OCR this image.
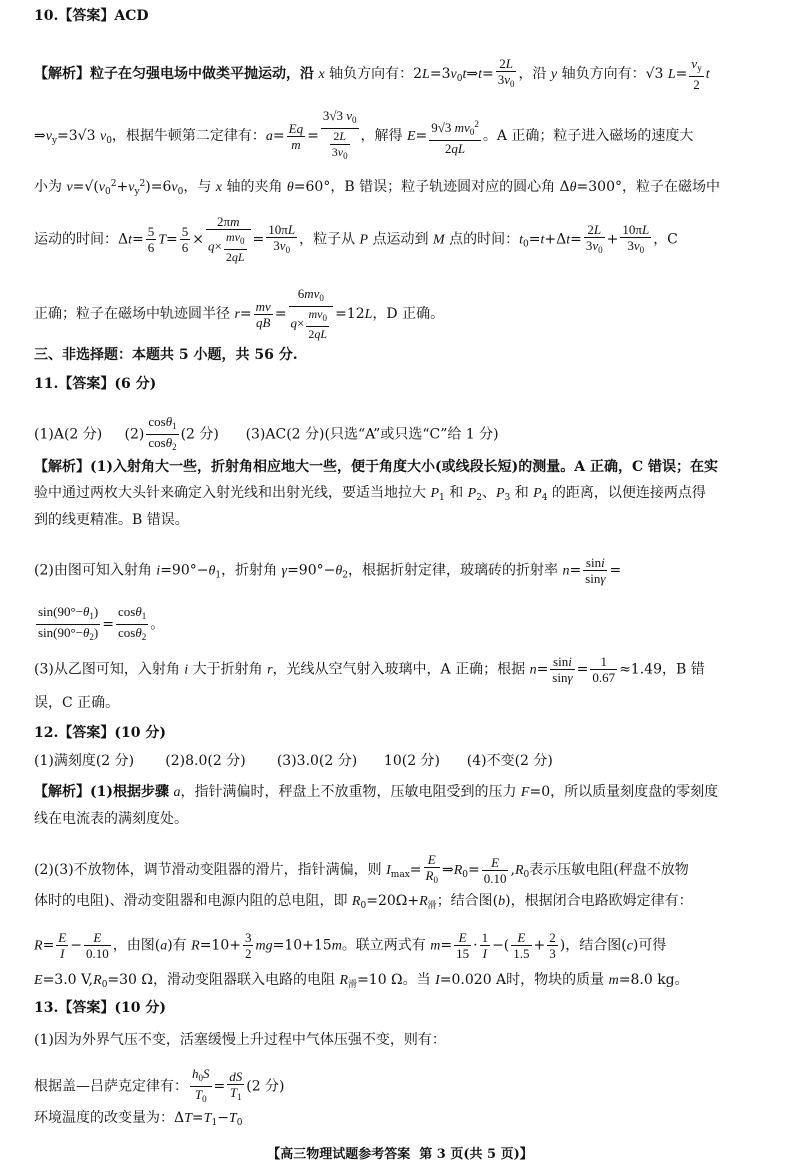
10.【答案】ACD
【解析】粒子在匀强电场中做类平抛运动，沿 x 轴负方向有：$2L=3v_0t\Rightarrow t= \frac{2L}{3v_0}$ ，沿 y 轴负方向有：√3 $L= \frac{v_y}{2}$ t
$\Rightarrow v_y=3√3$ $v_0$，根据牛顿第二定律有：$a= \frac{Eq}{m} = \frac{3√3 v_0}{\frac{2L}{3v_0}}$ ，解得 $E= \frac{9√3 mv_0^2}{2qL}$ 。A 正确；粒子进入磁场的速度大
小为 $v=√(v_0^2+v_y^2)=6v_0$，与 x 轴的夹角 θ=60°，B 错误；粒子轨迹圆对应的圆心角 Δθ=300°，粒子在磁场中
运动的时间：$\Delta t= \frac{5}{6} T= \frac{5}{6} \times \frac{2\pi m}{q\times \frac{mv_0}{2qL}} = \frac{10\pi L}{3v_0}$ ，粒子从 P 点运动到 M 点的时间：$t_0=t+\Delta t= \frac{2L}{3v_0} + \frac{10\pi L}{3v_0}$ ，C
正确；粒子在磁场中轨迹圆半径 $r= \frac{mv}{qB} = \frac{6mv_0}{q\times \frac{mv_0}{2qL}} =12L$，D 正确。
三、非选择题：本题共 5 小题，共 56 分.
11.【答案】(6 分)
(1)A(2 分) $(2) \frac{\cos\theta_1}{\cos\theta_2} (2$ 分) (3)AC(2 分)(只选“A”或只选“C”给 1 分)
【解析】(1)入射角大一些，折射角相应地大一些，便于角度大小(或线段长短)的测量。A 正确，C 错误；在实
验中通过两枚大头针来确定入射光线和出射光线，要适当地拉大 $P_1$ 和 $P_2$、$P_3$ 和 $P_4$ 的距离，以便连接两点得
到的线更精准。B 错误。
(2)由图可知入射角 $i=90^\circ-\theta_1$，折射角 $\gamma=90^\circ-\theta_2$，根据折射定律，玻璃砖的折射率 $n= \frac{\sin i}{\sin\gamma}$ =
$\frac{\sin(90^\circ-\theta_1)}{\sin(90^\circ-\theta_2)} = \frac{\cos\theta_1}{\cos\theta_2}$ 。
(3)从乙图可知，入射角 i 大于折射角 r，光线从空气射入玻璃中，A 正确；根据 $n= \frac{\sin i}{\sin\gamma} = \frac{1}{0.67} \approx 1.49$，B 错
误，C 正确。
12.【答案】(10 分)
(1)满刻度(2 分) (2)8.0(2 分) (3)3.0(2 分) 10(2 分) (4)不变(2 分)
【解析】(1)根据步骤 a，指针满偏时，秤盘上不放重物，压敏电阻受到的压力 F=0，所以质量刻度盘的零刻度
线在电流表的满刻度处。
(2)(3)不放物体，调节滑动变阻器的滑片，指针满偏，则 $I_{max}= \frac{E}{R_0}$ $\Rightarrow R_0= \frac{E}{0.10} ,R_0$表示压敏电阻(秤盘不放物
体时的电阻)、滑动变阻器和电源内阻的总电阻，即 $R_0=20\Omega+R_滑$；结合图(b)，根据闭合电路欧姆定律有：
$R= \frac{E}{I} - \frac{E}{0.10}$ ，由图(a)有 $R=10+ \frac{3}{2} mg=10+15m$。联立两式有 $m= \frac{E}{15} \cdot \frac{1}{I}$ −( $\frac{E}{1.5} + \frac{2}{3}$ )，结合图(c)可得
E=3.0 $V,R_0=30$ Ω，滑动变阻器联入电路的电阻 $R_滑=10$ Ω。当 I=0.020 A时，物块的质量 m=8.0 kg。
13.【答案】(10 分)
(1)因为外界气压不变，活塞缓慢上升过程中气体压强不变，则有：
根据盖—吕萨克定律有： $\frac{h_0S}{T_0} = \frac{dS}{T_1} (2$ 分)
环境温度的改变量为：$\Delta T=T_1-T_0$
【高三物理试题参考答案 第 3 页(共 5 页)】
